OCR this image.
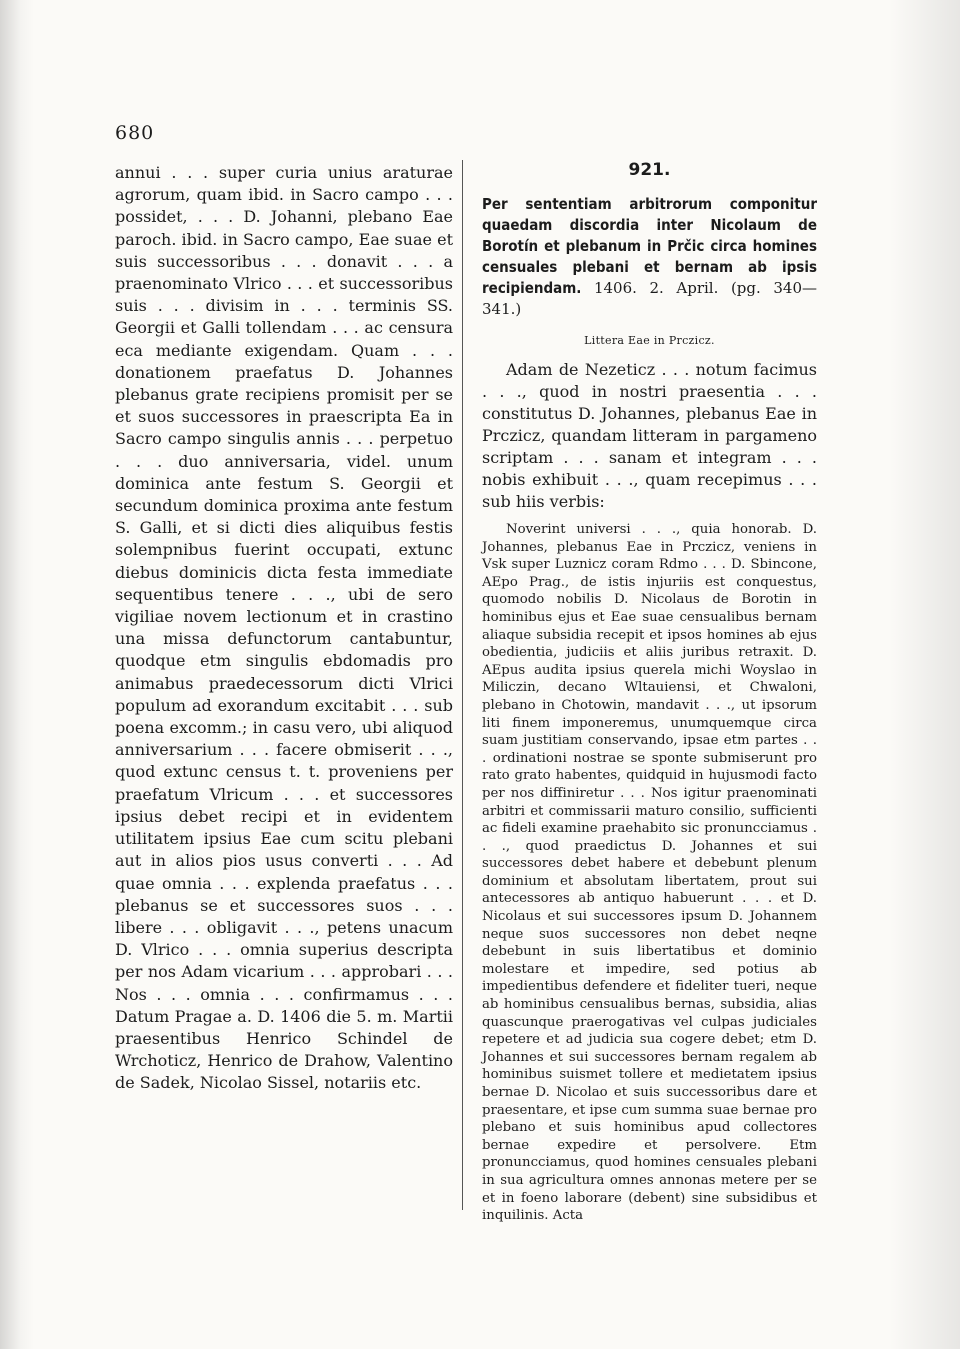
680

annui . . . super curia unius araturae agrorum, quam ibid. in Sacro campo . . . possidet, . . . D. Johanni, plebano Eae paroch. ibid. in Sacro campo, Eae suae et suis successoribus . . . donavit . . . a praenominato Vlrico . . . et successoribus suis . . . divisim in . . . terminis SS. Georgii et Galli tollendam . . . ac censura eca mediante exigendam. Quam . . . donationem praefatus D. Johannes plebanus grate recipiens promisit per se et suos successores in praescripta Ea in Sacro campo singulis annis . . . perpetuo . . . duo anniversaria, videl. unum dominica ante festum S. Georgii et secundum dominica proxima ante festum S. Galli, et si dicti dies aliquibus festis solempnibus fuerint occupati, extunc diebus dominicis dicta festa immediate sequentibus tenere . . ., ubi de sero vigiliae novem lectionum et in crastino una missa defunctorum cantabuntur, quodque etm singulis ebdomadis pro animabus praedecessorum dicti Vlrici populum ad exorandum excitabit . . . sub poena excomm.; in casu vero, ubi aliquod anniversarium . . . facere obmiserit . . ., quod extunc census t. t. proveniens per praefatum Vlricum . . . et successores ipsius debet recipi et in evidentem utilitatem ipsius Eae cum scitu plebani aut in alios pios usus converti . . . Ad quae omnia . . . explenda praefatus . . . plebanus se et successores suos . . . libere . . . obligavit . . ., petens unacum D. Vlrico . . . omnia superius descripta per nos Adam vicarium . . . approbari . . . Nos . . . omnia . . . confirmamus . . . Datum Pragae a. D. 1406 die 5. m. Martii praesentibus Henrico Schindel de Wrchoticz, Henrico de Drahow, Valentino de Sadek, Nicolao Sissel, notariis etc.

921.

Per sententiam arbitrorum componitur quaedam discordia inter Nicolaum de Borotín et plebanum in Prčic circa homines censuales plebani et bernam ab ipsis recipiendam. 1406. 2. April. (pg. 340—341.)

Littera Eae in Prczicz.

Adam de Nezeticz . . . notum facimus . . ., quod in nostri praesentia . . . constitutus D. Johannes, plebanus Eae in Prczicz, quandam litteram in pargameno scriptam . . . sanam et integram . . . nobis exhibuit . . ., quam recepimus . . . sub hiis verbis:

Noverint universi . . ., quia honorab. D. Johannes, plebanus Eae in Prczicz, veniens in Vsk super Luznicz coram Rdmo . . . D. Sbincone, AEpo Prag., de istis injuriis est conquestus, quomodo nobilis D. Nicolaus de Borotin in hominibus ejus et Eae suae censualibus bernam aliaque subsidia recepit et ipsos homines ab ejus obedientia, judiciis et aliis juribus retraxit. D. AEpus audita ipsius querela michi Woyslao in Miliczin, decano Wltauiensi, et Chwaloni, plebano in Chotowin, mandavit . . ., ut ipsorum liti finem imponeremus, unumquemque circa suam justitiam conservando, ipsae etm partes . . . ordinationi nostrae se sponte submiserunt pro rato grato habentes, quidquid in hujusmodi facto per nos diffiniretur . . . Nos igitur praenominati arbitri et commissarii maturo consilio, sufficienti ac fideli examine praehabito sic pronuncciamus . . ., quod praedictus D. Johannes et sui successores debet habere et debebunt plenum dominium et absolutam libertatem, prout sui antecessores ab antiquo habuerunt . . . et D. Nicolaus et sui successores ipsum D. Johannem neque suos successores non debet neqne debebunt in suis libertatibus et dominio molestare et impedire, sed potius ab impedientibus defendere et fideliter tueri, neque ab hominibus censualibus bernas, subsidia, alias quascunque praerogativas vel culpas judiciales repetere et ad judicia sua cogere debet; etm D. Johannes et sui successores bernam regalem ab hominibus suismet tollere et medietatem ipsius bernae D. Nicolao et suis successoribus dare et praesentare, et ipse cum summa suae bernae pro plebano et suis hominibus apud collectores bernae expedire et persolvere. Etm pronuncciamus, quod homines censuales plebani in sua agricultura omnes annonas metere per se et in foeno laborare (debent) sine subsidibus et inquilinis. Acta
